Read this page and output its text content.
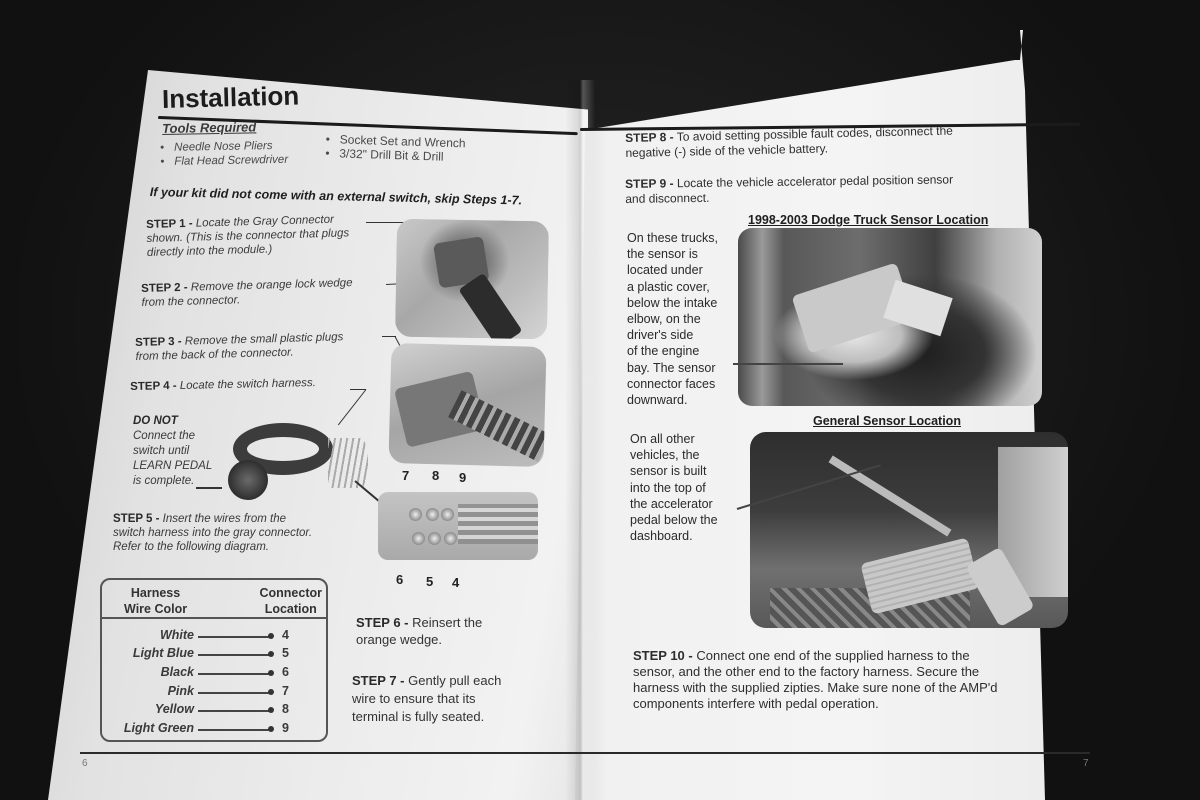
Installation
Tools Required
• Needle Nose Pliers
• Flat Head Screwdriver
• Socket Set and Wrench
• 3/32" Drill Bit & Drill
If your kit did not come with an external switch, skip Steps 1-7.
STEP 1 - Locate the Gray Connector
shown. (This is the connector that plugs
directly into the module.)
STEP 2 - Remove the orange lock wedge
from the connector.
STEP 3 - Remove the small plastic plugs
from the back of the connector.
STEP 4 - Locate the switch harness.
DO NOT
Connect the
switch until
LEARN PEDAL
is complete.
STEP 5 - Insert the wires from the
switch harness into the gray connector.
Refer to the following diagram.
7 8 9
6 5 4
Harness
Wire Color
Connector
Location
White	4
Light Blue	5
Black	6
Pink	7
Yellow	8
Light Green	9
STEP 6 - Reinsert the
orange wedge.
STEP 7 - Gently pull each
wire to ensure that its
terminal is fully seated.
6
STEP 8 - To avoid setting possible fault codes, disconnect the
negative (-) side of the vehicle battery.
STEP 9 - Locate the vehicle accelerator pedal position sensor
and disconnect.
1998-2003 Dodge Truck Sensor Location
On these trucks,
the sensor is
located under
a plastic cover,
below the intake
elbow, on the
driver's side
of the engine
bay. The sensor
connector faces
downward.
General Sensor Location
On all other
vehicles, the
sensor is built
into the top of
the accelerator
pedal below the
dashboard.
STEP 10 - Connect one end of the supplied harness to the
sensor, and the other end to the factory harness. Secure the
harness with the supplied zipties. Make sure none of the AMP'd
components interfere with pedal operation.
7
